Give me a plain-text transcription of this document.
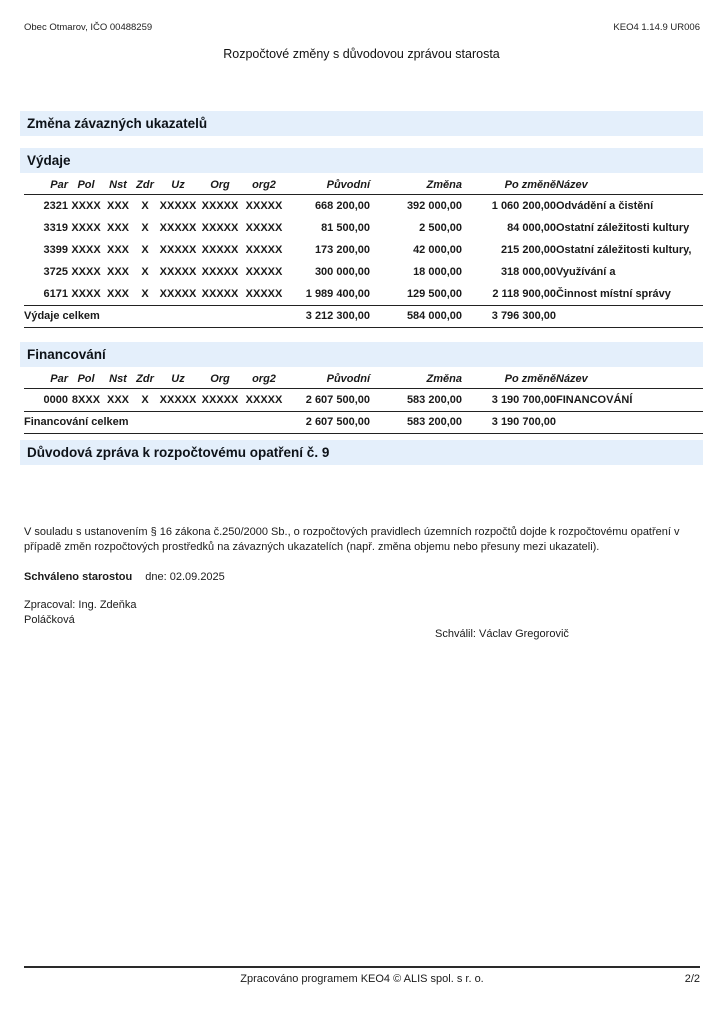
Obec Otmarov, IČO 00488259	KEO4 1.14.9 UR006
Rozpočtové změny s důvodovou zprávou starosta
Změna závazných ukazatelů
Výdaje
Par	Pol	Nst	Zdr	Uz	Org	org2	Původní	Změna	Po změně	Název
2321	XXXX	XXX	X	XXXXX	XXXXX	XXXXX	668 200,00	392 000,00	1 060 200,00	Odvádění a čistění
3319	XXXX	XXX	X	XXXXX	XXXXX	XXXXX	81 500,00	2 500,00	84 000,00	Ostatní záležitosti kultury
3399	XXXX	XXX	X	XXXXX	XXXXX	XXXXX	173 200,00	42 000,00	215 200,00	Ostatní záležitosti kultury,
3725	XXXX	XXX	X	XXXXX	XXXXX	XXXXX	300 000,00	18 000,00	318 000,00	Využívání a
6171	XXXX	XXX	X	XXXXX	XXXXX	XXXXX	1 989 400,00	129 500,00	2 118 900,00	Činnost místní správy
Výdaje celkem							3 212 300,00	584 000,00	3 796 300,00	
Financování
Par	Pol	Nst	Zdr	Uz	Org	org2	Původní	Změna	Po změně	Název
0000	8XXX	XXX	X	XXXXX	XXXXX	XXXXX	2 607 500,00	583 200,00	3 190 700,00	FINANCOVÁNÍ
Financování celkem							2 607 500,00	583 200,00	3 190 700,00	
Důvodová zpráva k rozpočtovému opatření č. 9

V souladu s ustanovením § 16 zákona č.250/2000 Sb., o rozpočtových pravidlech územních rozpočtů dojde k rozpočtovému opatření v případě změn rozpočtových prostředků na závazných ukazatelích (např. změna objemu nebo přesuny mezi ukazateli).

Schváleno starostou dne: 02.09.2025
Zpracoval: Ing. Zdeňka
Poláčková
Schválil: Václav Gregorovič
Zpracováno programem KEO4 © ALIS spol. s r. o.	2/2
